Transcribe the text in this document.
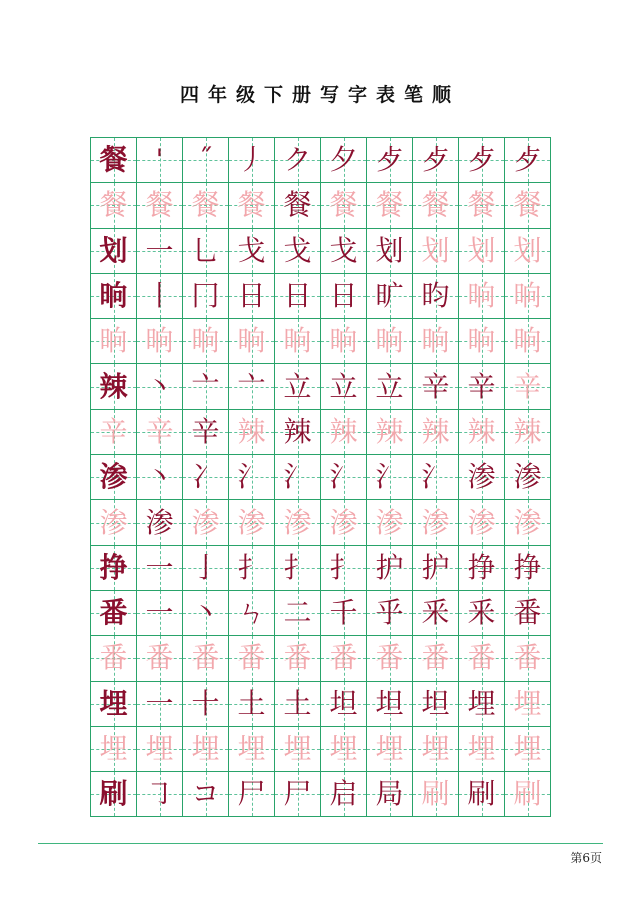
四年级下册写字表笔顺
餐 ' ˝ 丿 ク 夕 歺 歺 歺 歺
餐 餐 餐 餐 餐 餐 餐 餐 餐 餐
划 一 乚 戈 戈 戈 划 划 划 划
晌 丨 冂 日 日 日 旷 昀 晌 晌
晌 晌 晌 晌 晌 晌 晌 晌 晌 晌
辣 丶 亠 亠 立 立 立 辛 辛 辛
辛 辛 辛 辣 辣 辣 辣 辣 辣 辣
渗 丶 冫 氵 氵 氵 氵 氵 渗 渗
渗 渗 渗 渗 渗 渗 渗 渗 渗 渗
挣 一 亅 扌 扌 扌 护 护 挣 挣
番 一 丶 ㄣ 二 千 乎 釆 釆 番
番 番 番 番 番 番 番 番 番 番
埋 一 十 土 土 坦 坦 坦 埋 埋
埋 埋 埋 埋 埋 埋 埋 埋 埋 埋
刷 ㇆ コ 尸 尸 启 局 刷 刷 刷
第6页
